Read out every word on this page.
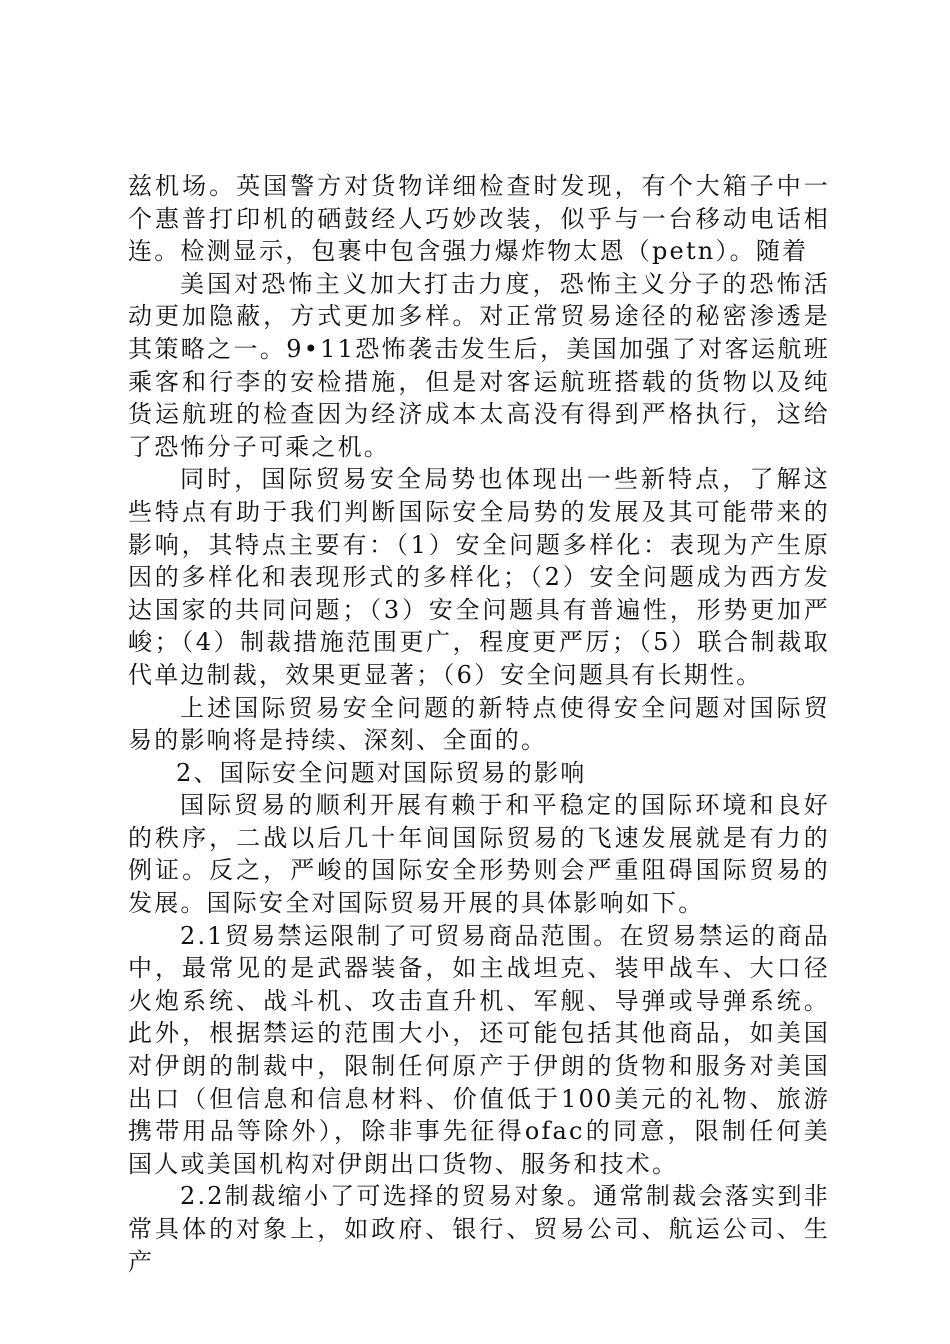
兹机场。英国警方对货物详细检查时发现，有个大箱子中一个惠普打印机的硒鼓经人巧妙改装，似乎与一台移动电话相连。检测显示，包裹中包含强力爆炸物太恩（petn）。随着

美国对恐怖主义加大打击力度，恐怖主义分子的恐怖活动更加隐蔽，方式更加多样。对正常贸易途径的秘密渗透是其策略之一。9•11恐怖袭击发生后，美国加强了对客运航班乘客和行李的安检措施，但是对客运航班搭载的货物以及纯货运航班的检查因为经济成本太高没有得到严格执行，这给了恐怖分子可乘之机。

同时，国际贸易安全局势也体现出一些新特点，了解这些特点有助于我们判断国际安全局势的发展及其可能带来的影响，其特点主要有：（1）安全问题多样化：表现为产生原因的多样化和表现形式的多样化；（2）安全问题成为西方发达国家的共同问题；（3）安全问题具有普遍性，形势更加严峻；（4）制裁措施范围更广，程度更严厉；（5）联合制裁取代单边制裁，效果更显著；（6）安全问题具有长期性。

上述国际贸易安全问题的新特点使得安全问题对国际贸易的影响将是持续、深刻、全面的。

2、国际安全问题对国际贸易的影响

国际贸易的顺利开展有赖于和平稳定的国际环境和良好的秩序，二战以后几十年间国际贸易的飞速发展就是有力的例证。反之，严峻的国际安全形势则会严重阻碍国际贸易的发展。国际安全对国际贸易开展的具体影响如下。

2.1贸易禁运限制了可贸易商品范围。在贸易禁运的商品中，最常见的是武器装备，如主战坦克、装甲战车、大口径火炮系统、战斗机、攻击直升机、军舰、导弹或导弹系统。此外，根据禁运的范围大小，还可能包括其他商品，如美国对伊朗的制裁中，限制任何原产于伊朗的货物和服务对美国出口（但信息和信息材料、价值低于100美元的礼物、旅游携带用品等除外），除非事先征得ofac的同意，限制任何美国人或美国机构对伊朗出口货物、服务和技术。

2.2制裁缩小了可选择的贸易对象。通常制裁会落实到非常具体的对象上，如政府、银行、贸易公司、航运公司、生产
